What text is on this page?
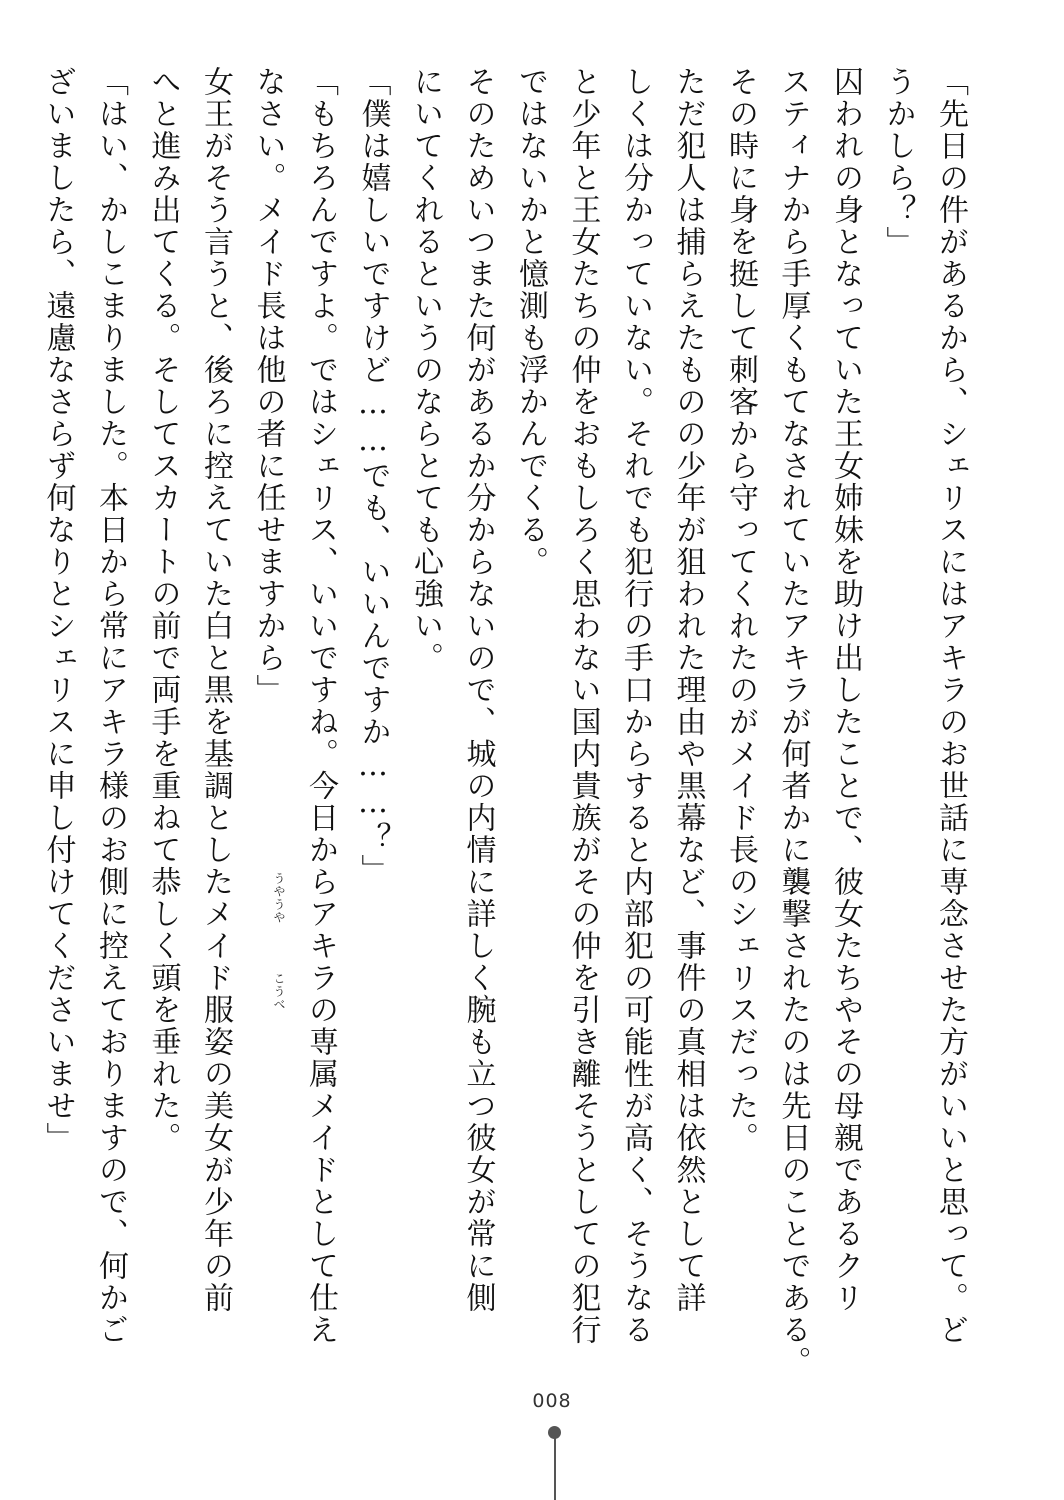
「先日の件があるから、シェリスにはアキラのお世話に専念させた方がいいと思って。ど
うかしら？」
囚われの身となっていた王女姉妹を助け出したことで、彼女たちやその母親であるクリ
スティナから手厚くもてなされていたアキラが何者かに襲撃されたのは先日のことである。
その時に身を挺して刺客から守ってくれたのがメイド長のシェリスだった。
ただ犯人は捕らえたものの少年が狙われた理由や黒幕など、事件の真相は依然として詳
しくは分かっていない。それでも犯行の手口からすると内部犯の可能性が高く、そうなる
と少年と王女たちの仲をおもしろく思わない国内貴族がその仲を引き離そうとしての犯行
ではないかと憶測も浮かんでくる。
そのためいつまた何があるか分からないので、城の内情に詳しく腕も立つ彼女が常に側
にいてくれるというのならとても心強い。
「僕は嬉しいですけど……でも、いいんですか……？」
「もちろんですよ。ではシェリス、いいですね。今日からアキラの専属メイドとして仕え
なさい。メイド長は他の者に任せますから」
女王がそう言うと、後ろに控えていた白と黒を基調としたメイド服姿の美女が少年の前
へと進み出てくる。そしてスカートの前で両手を重ねて恭しく頭を垂れた。
「はい、かしこまりました。本日から常にアキラ様のお側に控えておりますので、何かご
ざいましたら、遠慮なさらず何なりとシェリスに申し付けてくださいませ」	うやうや
こうべ
008
